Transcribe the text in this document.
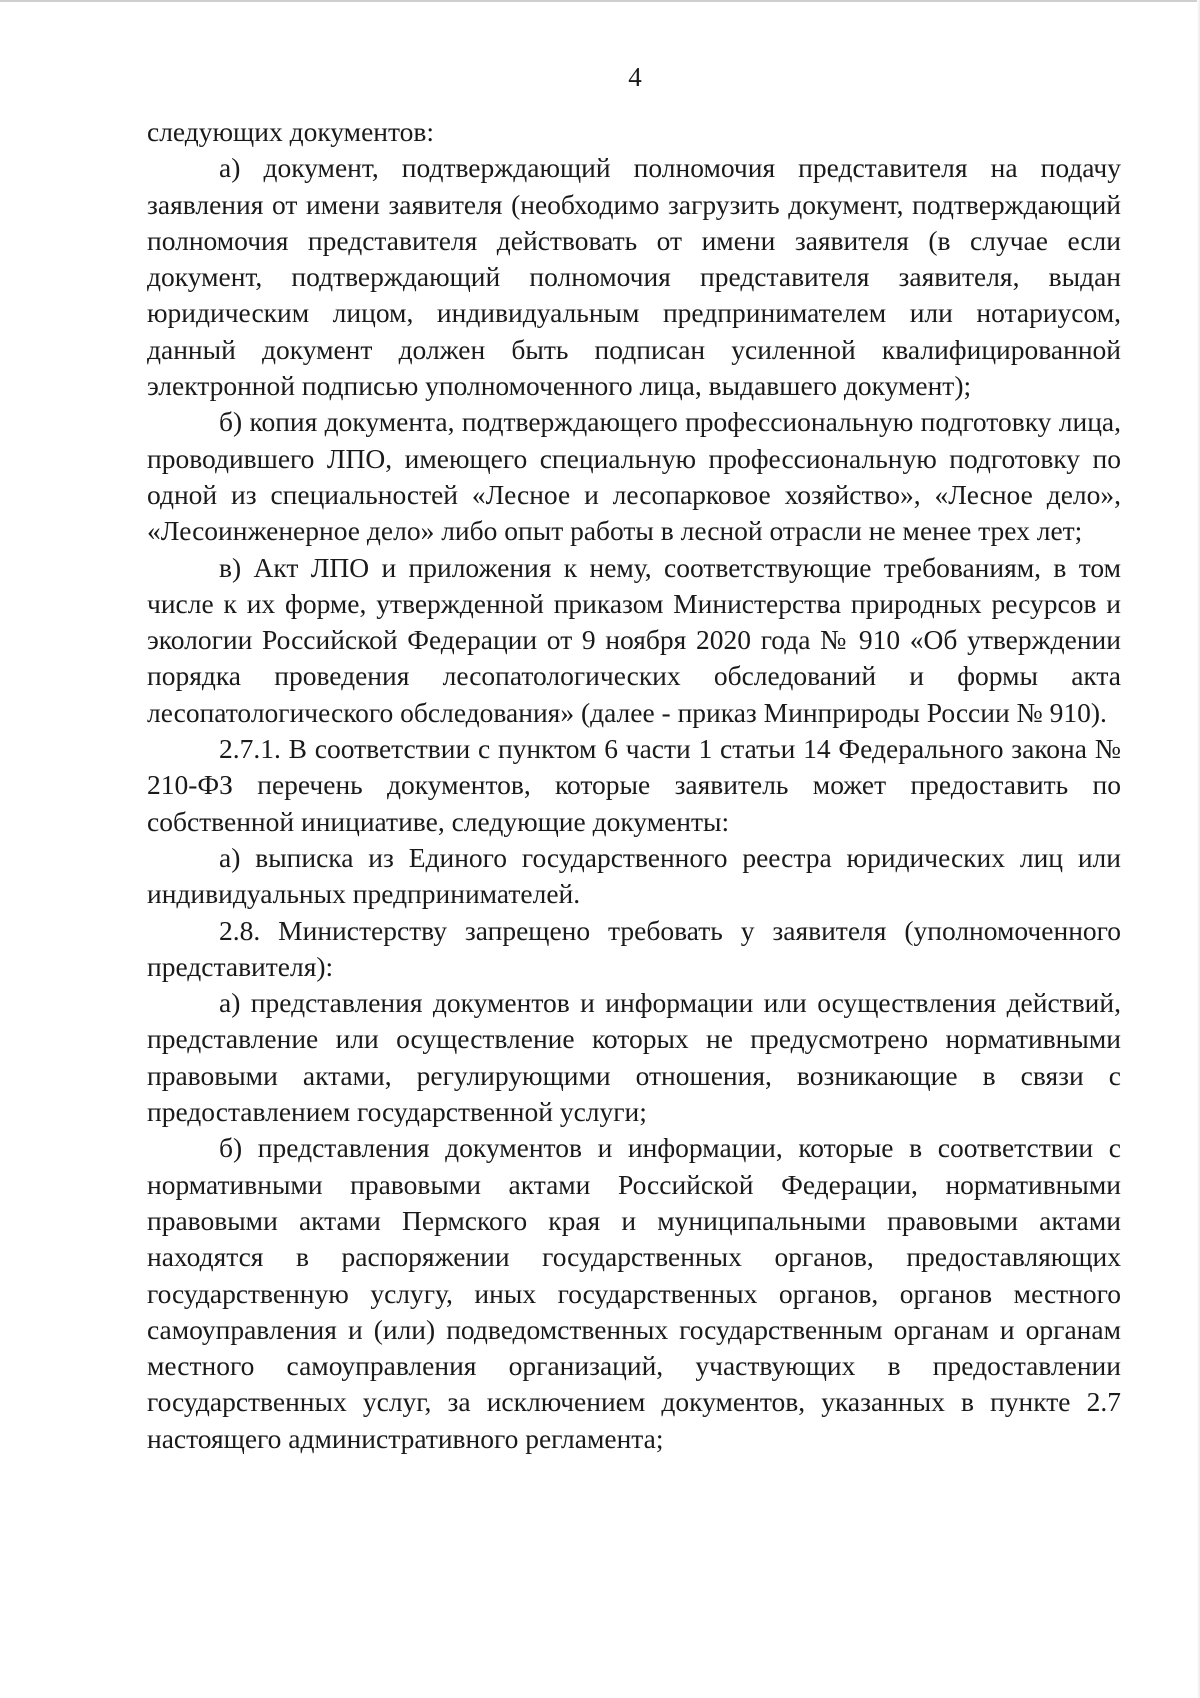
4

следующих документов:

а) документ, подтверждающий полномочия представителя на подачу заявления от имени заявителя (необходимо загрузить документ, подтверждающий полномочия представителя действовать от имени заявителя (в случае если документ, подтверждающий полномочия представителя заявителя, выдан юридическим лицом, индивидуальным предпринимателем или нотариусом, данный документ должен быть подписан усиленной квалифицированной электронной подписью уполномоченного лица, выдавшего документ);

б) копия документа, подтверждающего профессиональную подготовку лица, проводившего ЛПО, имеющего специальную профессиональную подготовку по одной из специальностей «Лесное и лесопарковое хозяйство», «Лесное дело», «Лесоинженерное дело» либо опыт работы в лесной отрасли не менее трех лет;

в) Акт ЛПО и приложения к нему, соответствующие требованиям, в том числе к их форме, утвержденной приказом Министерства природных ресурсов и экологии Российской Федерации от 9 ноября 2020 года № 910 «Об утверждении порядка проведения лесопатологических обследований и формы акта лесопатологического обследования» (далее - приказ Минприроды России № 910).

2.7.1. В соответствии с пунктом 6 части 1 статьи 14 Федерального закона № 210-ФЗ перечень документов, которые заявитель может предоставить по собственной инициативе, следующие документы:

а) выписка из Единого государственного реестра юридических лиц или индивидуальных предпринимателей.

2.8. Министерству запрещено требовать у заявителя (уполномоченного представителя):

а) представления документов и информации или осуществления действий, представление или осуществление которых не предусмотрено нормативными правовыми актами, регулирующими отношения, возникающие в связи с предоставлением государственной услуги;

б) представления документов и информации, которые в соответствии с нормативными правовыми актами Российской Федерации, нормативными правовыми актами Пермского края и муниципальными правовыми актами находятся в распоряжении государственных органов, предоставляющих государственную услугу, иных государственных органов, органов местного самоуправления и (или) подведомственных государственным органам и органам местного самоуправления организаций, участвующих в предоставлении государственных услуг, за исключением документов, указанных в пункте 2.7 настоящего административного регламента;
